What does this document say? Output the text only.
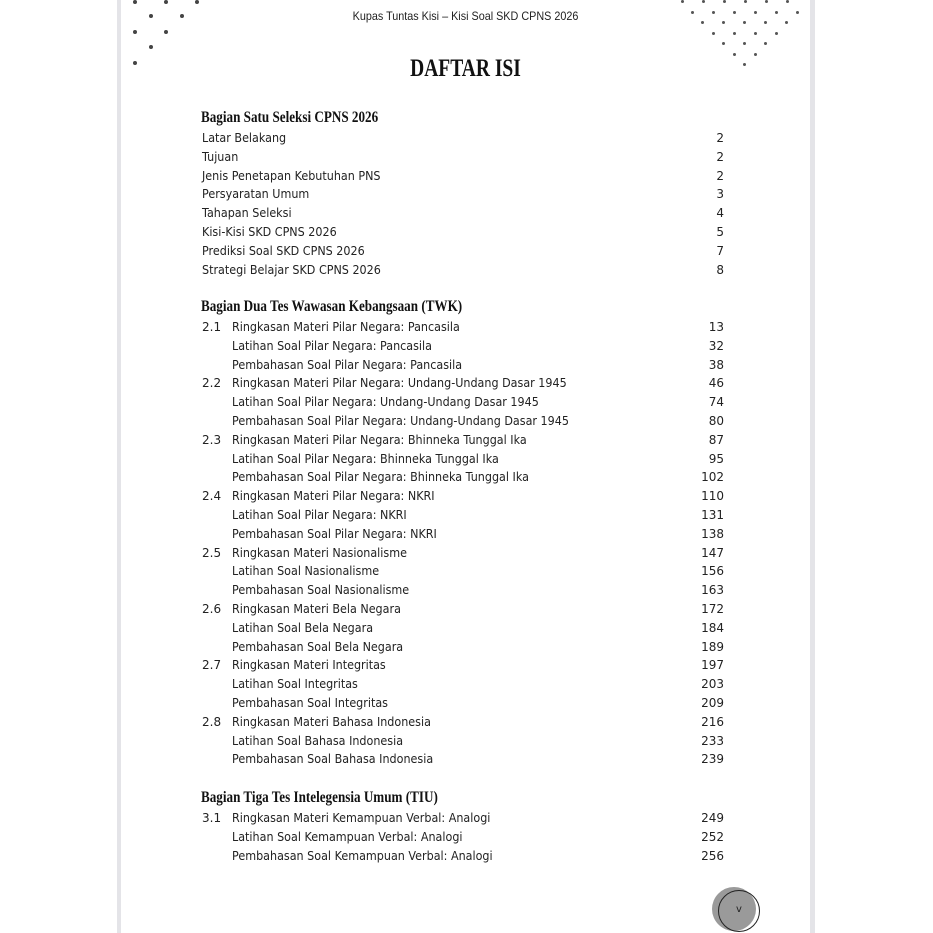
Kupas Tuntas Kisi – Kisi Soal SKD CPNS 2026
DAFTAR ISI
Bagian Satu Seleksi CPNS 2026
Latar Belakang	2
Tujuan	2
Jenis Penetapan Kebutuhan PNS	2
Persyaratan Umum	3
Tahapan Seleksi	4
Kisi-Kisi SKD CPNS 2026	5
Prediksi Soal SKD CPNS 2026	7
Strategi Belajar SKD CPNS 2026	8
Bagian Dua Tes Wawasan Kebangsaan (TWK)
2.1 Ringkasan Materi Pilar Negara: Pancasila	13
Latihan Soal Pilar Negara: Pancasila	32
Pembahasan Soal Pilar Negara: Pancasila	38
2.2 Ringkasan Materi Pilar Negara: Undang-Undang Dasar 1945	46
Latihan Soal Pilar Negara: Undang-Undang Dasar 1945	74
Pembahasan Soal Pilar Negara: Undang-Undang Dasar 1945	80
2.3 Ringkasan Materi Pilar Negara: Bhinneka Tunggal Ika	87
Latihan Soal Pilar Negara: Bhinneka Tunggal Ika	95
Pembahasan Soal Pilar Negara: Bhinneka Tunggal Ika	102
2.4 Ringkasan Materi Pilar Negara: NKRI	110
Latihan Soal Pilar Negara: NKRI	131
Pembahasan Soal Pilar Negara: NKRI	138
2.5 Ringkasan Materi Nasionalisme	147
Latihan Soal Nasionalisme	156
Pembahasan Soal Nasionalisme	163
2.6 Ringkasan Materi Bela Negara	172
Latihan Soal Bela Negara	184
Pembahasan Soal Bela Negara	189
2.7 Ringkasan Materi Integritas	197
Latihan Soal Integritas	203
Pembahasan Soal Integritas	209
2.8 Ringkasan Materi Bahasa Indonesia	216
Latihan Soal Bahasa Indonesia	233
Pembahasan Soal Bahasa Indonesia	239
Bagian Tiga Tes Intelegensia Umum (TIU)
3.1 Ringkasan Materi Kemampuan Verbal: Analogi	249
Latihan Soal Kemampuan Verbal: Analogi	252
Pembahasan Soal Kemampuan Verbal: Analogi	256
v
